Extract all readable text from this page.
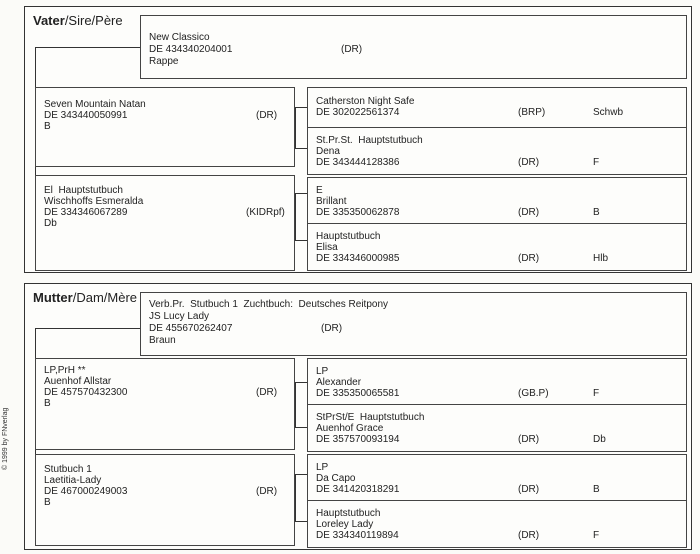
© 1999 by FNverlag
Vater/Sire/Père
New Classico
DE 434340204001	(DR)
Rappe
Seven Mountain Natan
DE 343440050991	(DR)
B
El  Hauptstutbuch
Wischhoffs Esmeralda
DE 334346067289	(KIDRpf)
Db
Catherston Night Safe
DE 302022561374	(BRP)	Schwb
St.Pr.St.  Hauptstutbuch
Dena
DE 343444128386	(DR)	F
E
Brillant
DE 335350062878	(DR)	B
Hauptstutbuch
Elisa
DE 334346000985	(DR)	Hlb
Mutter/Dam/Mère Verb.Pr.  Stutbuch 1  Zuchtbuch:  Deutsches Reitpony
JS Lucy Lady
DE 455670262407	(DR)
Braun
LP,PrH **
Auenhof Allstar
DE 457570432300	(DR)
B
Stutbuch 1
Laetitia-Lady
DE 467000249003	(DR)
B
LP
Alexander
DE 335350065581	(GB.P)	F
StPrSt/E  Hauptstutbuch
Auenhof Grace
DE 357570093194	(DR)	Db
LP
Da Capo
DE 341420318291	(DR)	B
Hauptstutbuch
Loreley Lady
DE 334340119894	(DR)	F
